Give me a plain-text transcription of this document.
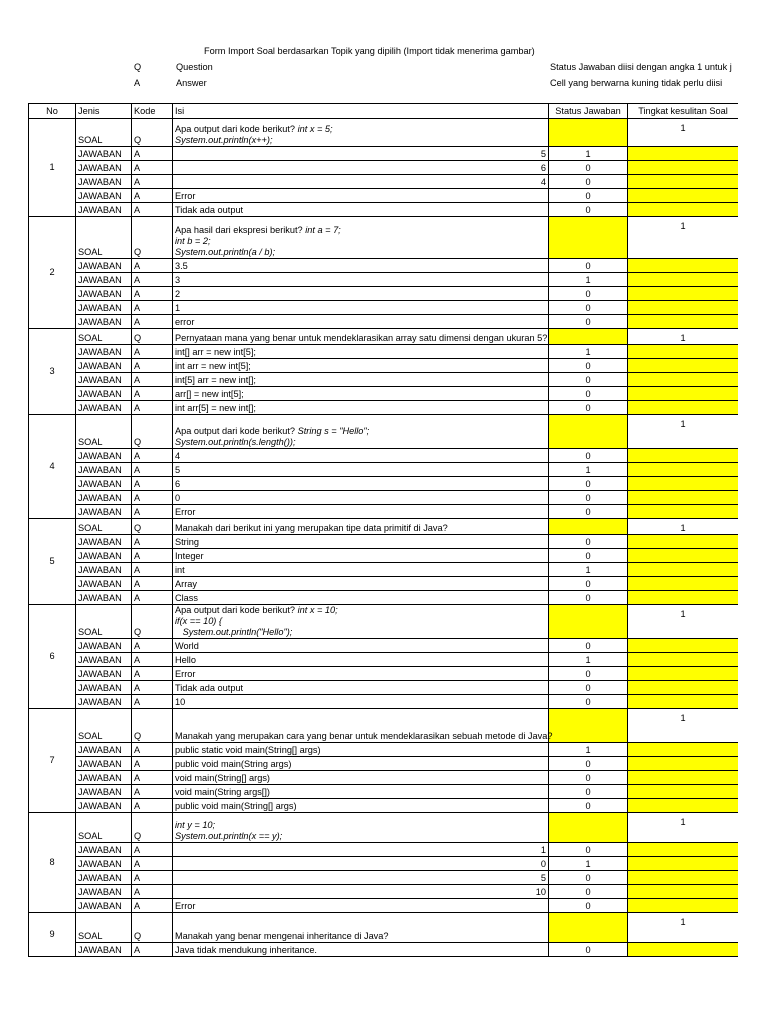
Form Import Soal berdasarkan Topik yang dipilih (Import tidak menerima gambar)
Q	Question
A	Answer
Status Jawaban diisi dengan angka 1 untuk j
Cell yang berwarna kuning tidak perlu diisi
No	Jenis	Kode	Isi	Status Jawaban	Tingkat kesulitan Soal
1	SOAL	Q	Apa output dari kode berikut? int x = 5;
System.out.println(x++);		1
	JAWABAN	A	5	1	
	JAWABAN	A	6	0	
	JAWABAN	A	4	0	
	JAWABAN	A	Error	0	
	JAWABAN	A	Tidak ada output	0	
2	SOAL	Q	Apa hasil dari ekspresi berikut? int a = 7;
int b = 2;
System.out.println(a / b);		1
	JAWABAN	A	3.5	0	
	JAWABAN	A	3	1	
	JAWABAN	A	2	0	
	JAWABAN	A	1	0	
	JAWABAN	A	error	0	
3	SOAL	Q	Pernyataan mana yang benar untuk mendeklarasikan array satu dimensi dengan ukuran 5?		1
	JAWABAN	A	int[] arr = new int[5];	1	
	JAWABAN	A	int arr = new int[5];	0	
	JAWABAN	A	int[5] arr = new int[];	0	
	JAWABAN	A	arr[] = new int[5];	0	
	JAWABAN	A	int arr[5] = new int[];	0	
4	SOAL	Q	Apa output dari kode berikut? String s = "Hello";
System.out.println(s.length());		1
	JAWABAN	A	4	0	
	JAWABAN	A	5	1	
	JAWABAN	A	6	0	
	JAWABAN	A	0	0	
	JAWABAN	A	Error	0	
5	SOAL	Q	Manakah dari berikut ini yang merupakan tipe data primitif di Java?		1
	JAWABAN	A	String	0	
	JAWABAN	A	Integer	0	
	JAWABAN	A	int	1	
	JAWABAN	A	Array	0	
	JAWABAN	A	Class	0	
6	SOAL	Q	Apa output dari kode berikut? int x = 10;
if(x == 10) {
System.out.println("Hello");		1
	JAWABAN	A	World	0	
	JAWABAN	A	Hello	1	
	JAWABAN	A	Error	0	
	JAWABAN	A	Tidak ada output	0	
	JAWABAN	A	10	0	
7	SOAL	Q	Manakah yang merupakan cara yang benar untuk mendeklarasikan sebuah metode di Java?		1
	JAWABAN	A	public static void main(String[] args)	1	
	JAWABAN	A	public void main(String args)	0	
	JAWABAN	A	void main(String[] args)	0	
	JAWABAN	A	void main(String args[])	0	
	JAWABAN	A	public void main(String[] args)	0	
8	SOAL	Q	int y = 10;
System.out.println(x == y);		1
	JAWABAN	A	1	0	
	JAWABAN	A	0	1	
	JAWABAN	A	5	0	
	JAWABAN	A	10	0	
	JAWABAN	A	Error	0	
9	SOAL	Q	Manakah yang benar mengenai inheritance di Java?		1
	JAWABAN	A	Java tidak mendukung inheritance.	0	
